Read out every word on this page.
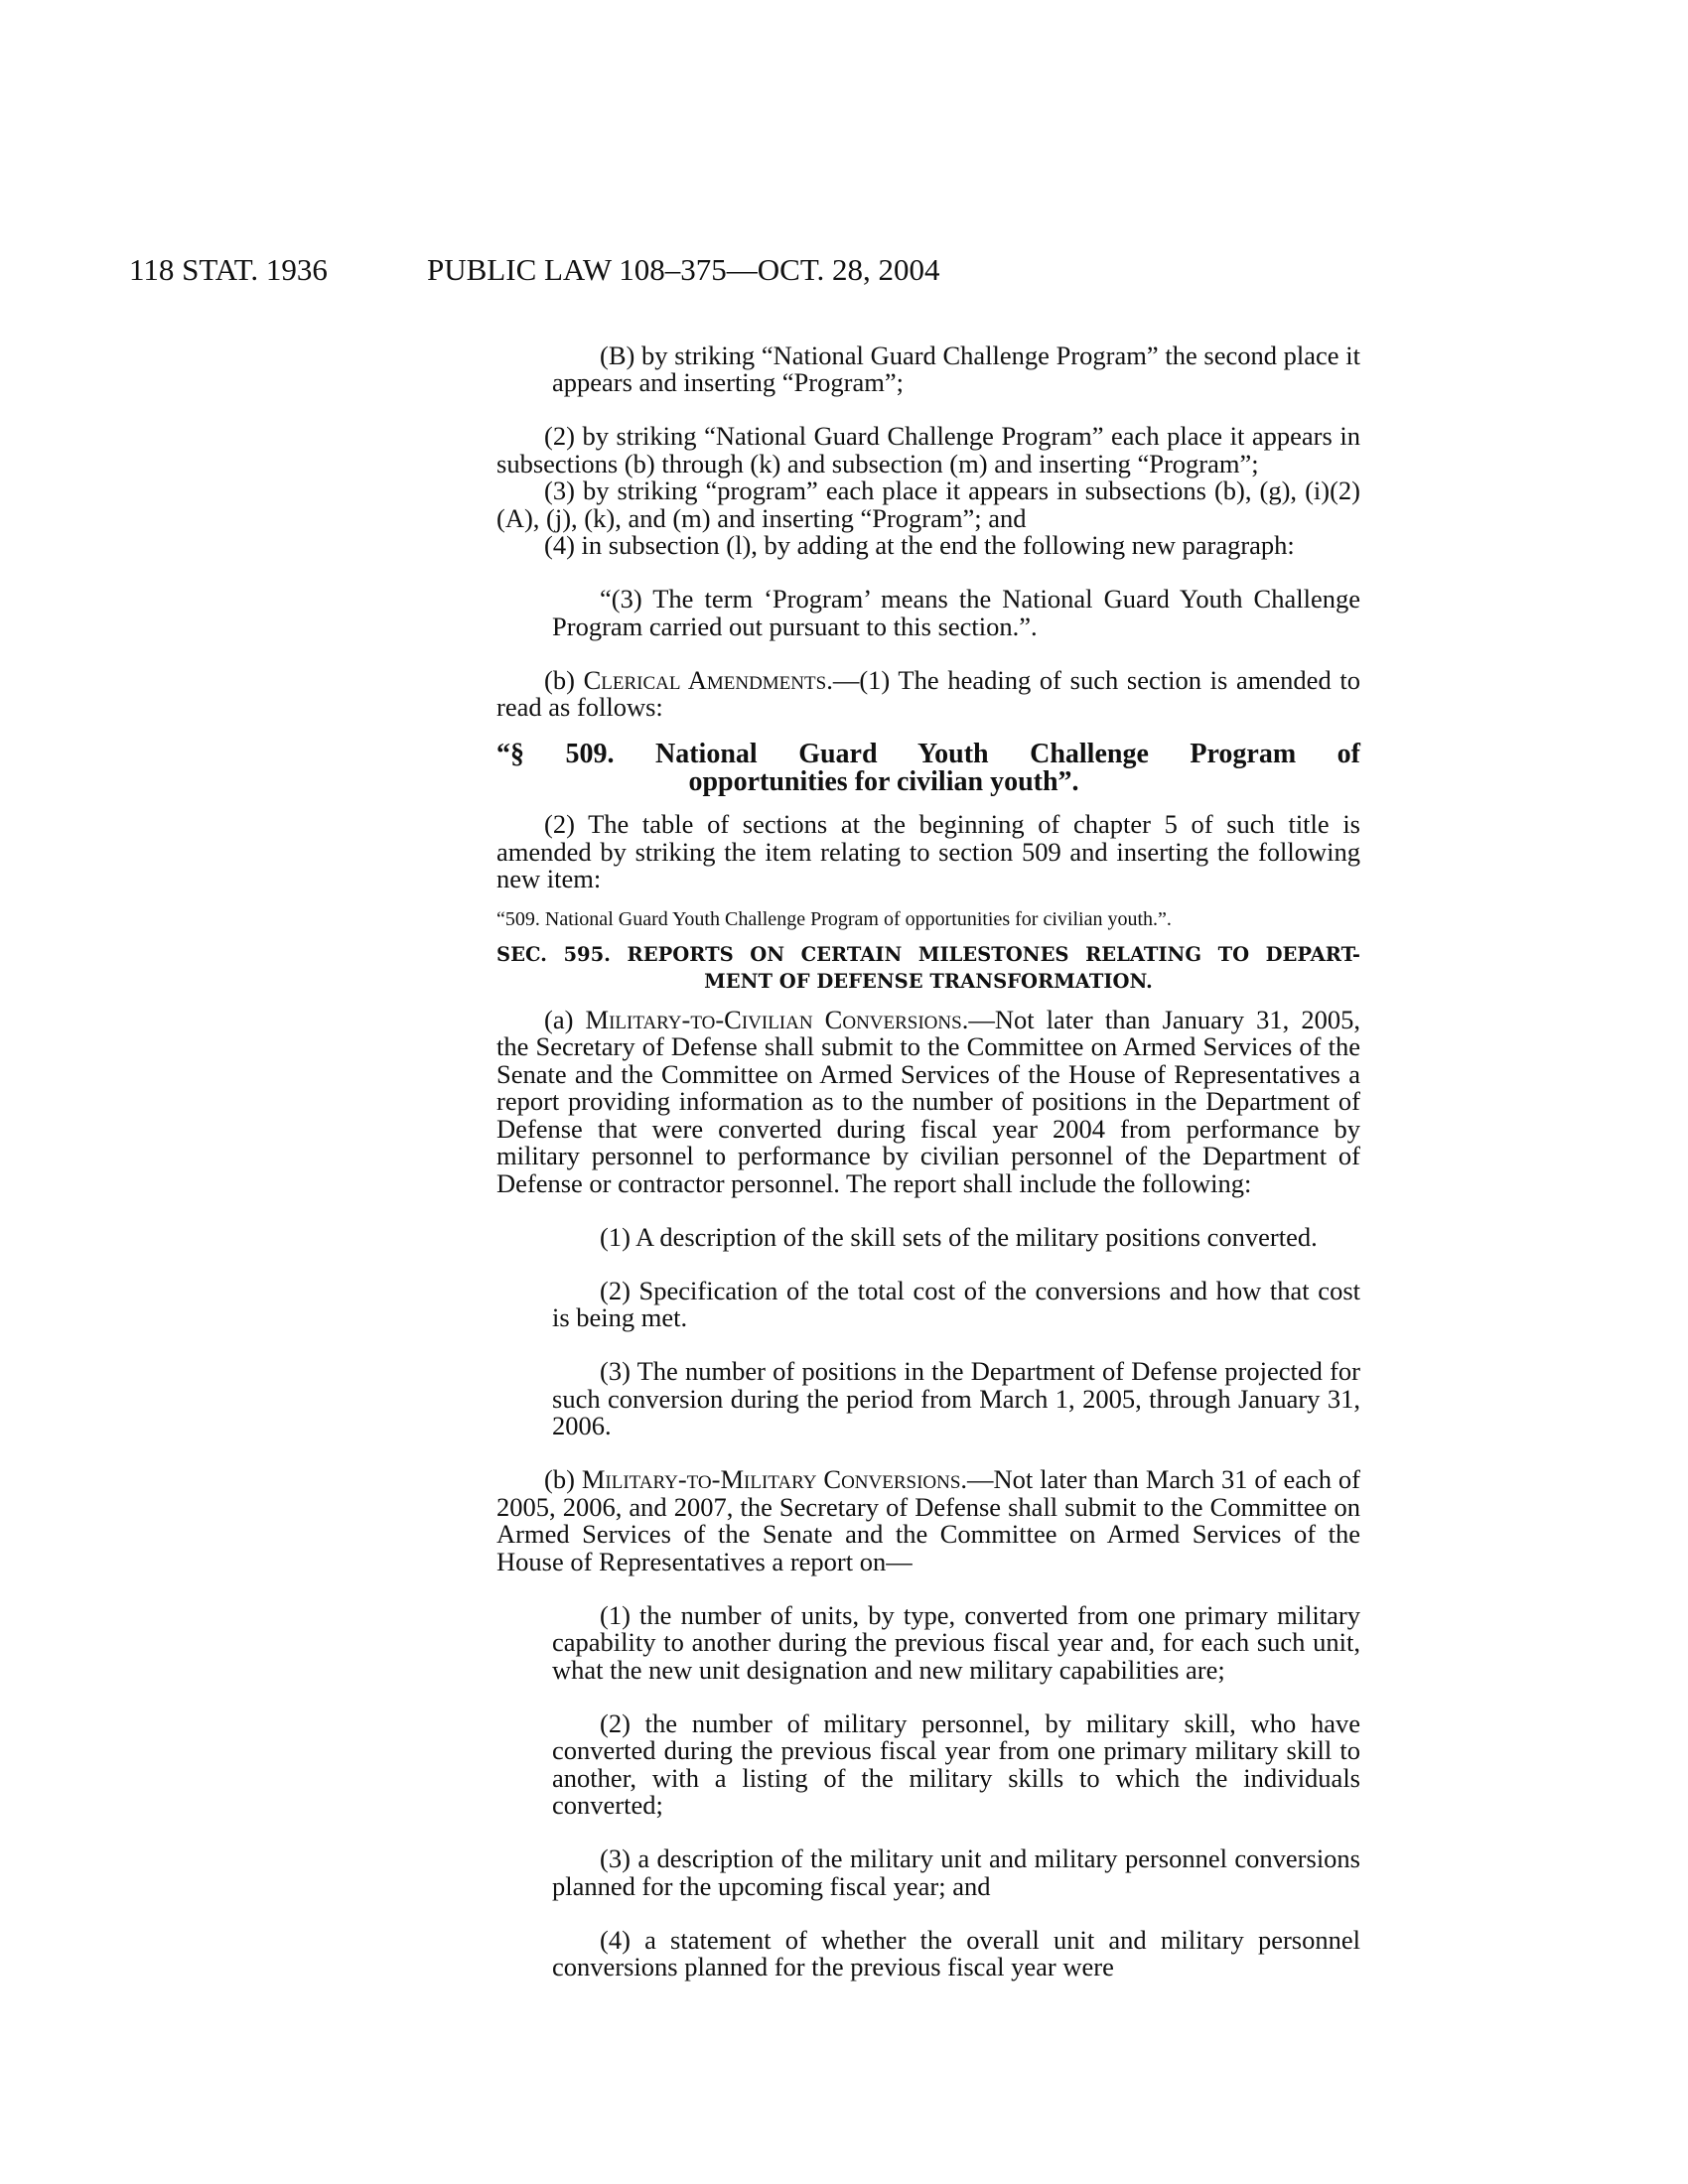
118 STAT. 1936	PUBLIC LAW 108–375—OCT. 28, 2004

(B) by striking “National Guard Challenge Program” the second place it appears and inserting “Program”;

(2) by striking “National Guard Challenge Program” each place it appears in subsections (b) through (k) and subsection (m) and inserting “Program”;

(3) by striking “program” each place it appears in subsections (b), (g), (i)(2)(A), (j), (k), and (m) and inserting “Program”; and

(4) in subsection (l), by adding at the end the following new paragraph:

“(3) The term ‘Program’ means the National Guard Youth Challenge Program carried out pursuant to this section.”.

(b) Clerical Amendments.—(1) The heading of such section is amended to read as follows:

“§ 509. National Guard Youth Challenge Program of
opportunities for civilian youth”.

(2) The table of sections at the beginning of chapter 5 of such title is amended by striking the item relating to section 509 and inserting the following new item:

“509. National Guard Youth Challenge Program of opportunities for civilian youth.”.

SEC. 595. REPORTS ON CERTAIN MILESTONES RELATING TO DEPART-
MENT OF DEFENSE TRANSFORMATION.

(a) Military-to-Civilian Conversions.—Not later than January 31, 2005, the Secretary of Defense shall submit to the Committee on Armed Services of the Senate and the Committee on Armed Services of the House of Representatives a report providing information as to the number of positions in the Department of Defense that were converted during fiscal year 2004 from performance by military personnel to performance by civilian personnel of the Department of Defense or contractor personnel. The report shall include the following:

(1) A description of the skill sets of the military positions converted.

(2) Specification of the total cost of the conversions and how that cost is being met.

(3) The number of positions in the Department of Defense projected for such conversion during the period from March 1, 2005, through January 31, 2006.

(b) Military-to-Military Conversions.—Not later than March 31 of each of 2005, 2006, and 2007, the Secretary of Defense shall submit to the Committee on Armed Services of the Senate and the Committee on Armed Services of the House of Representatives a report on—

(1) the number of units, by type, converted from one primary military capability to another during the previous fiscal year and, for each such unit, what the new unit designation and new military capabilities are;

(2) the number of military personnel, by military skill, who have converted during the previous fiscal year from one primary military skill to another, with a listing of the military skills to which the individuals converted;

(3) a description of the military unit and military personnel conversions planned for the upcoming fiscal year; and

(4) a statement of whether the overall unit and military personnel conversions planned for the previous fiscal year were
